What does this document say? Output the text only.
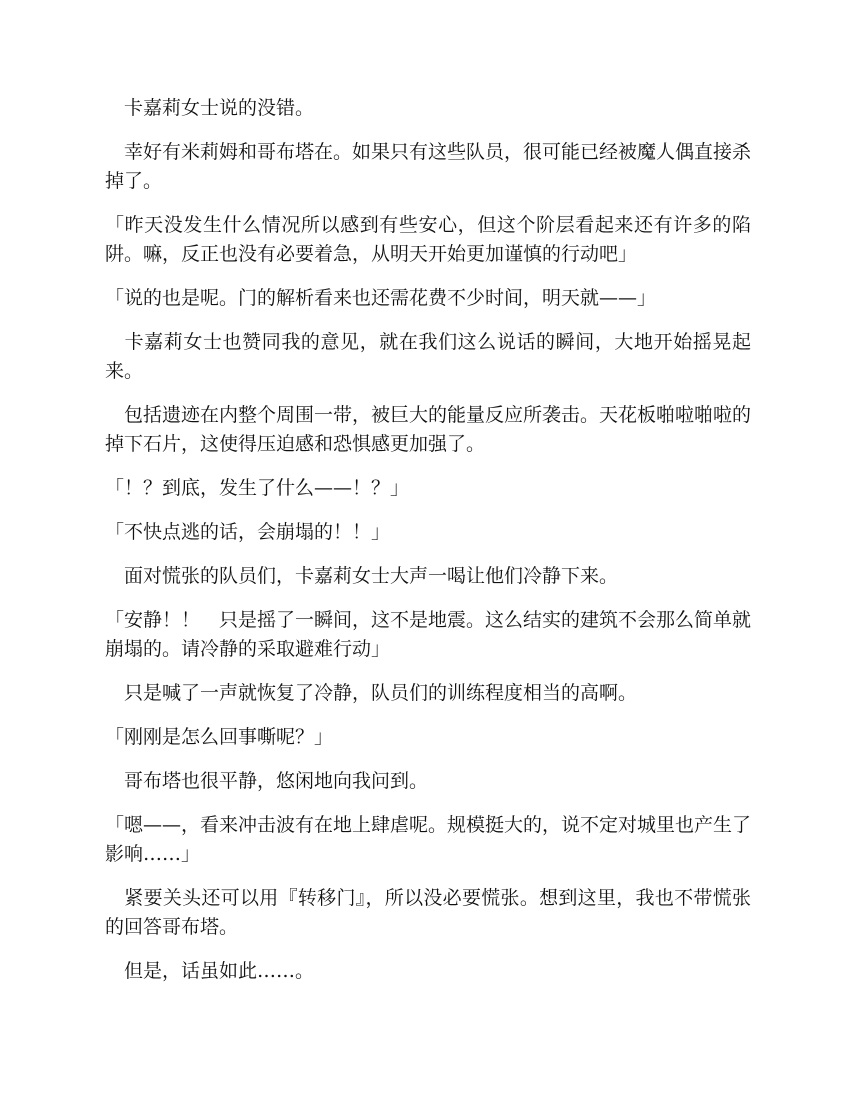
　卡嘉莉女士说的没错。

　幸好有米莉姆和哥布塔在。如果只有这些队员，很可能已经被魔人偶直接杀掉了。

「昨天没发生什么情况所以感到有些安心，但这个阶层看起来还有许多的陷阱。嘛，反正也没有必要着急，从明天开始更加谨慎的行动吧」

「说的也是呢。门的解析看来也还需花费不少时间，明天就——」

　卡嘉莉女士也赞同我的意见，就在我们这么说话的瞬间，大地开始摇晃起来。

　包括遗迹在内整个周围一带，被巨大的能量反应所袭击。天花板啪啦啪啦的掉下石片，这使得压迫感和恐惧感更加强了。

「！？到底，发生了什么——！？」

「不快点逃的话，会崩塌的！！」

　面对慌张的队员们，卡嘉莉女士大声一喝让他们冷静下来。

「安静！！　只是摇了一瞬间，这不是地震。这么结实的建筑不会那么简单就崩塌的。请冷静的采取避难行动」

　只是喊了一声就恢复了冷静，队员们的训练程度相当的高啊。

「刚刚是怎么回事嘶呢？」

　哥布塔也很平静，悠闲地向我问到。

「嗯——，看来冲击波有在地上肆虐呢。规模挺大的，说不定对城里也产生了影响……」

　紧要关头还可以用『转移门』，所以没必要慌张。想到这里，我也不带慌张的回答哥布塔。

　但是，话虽如此……。
